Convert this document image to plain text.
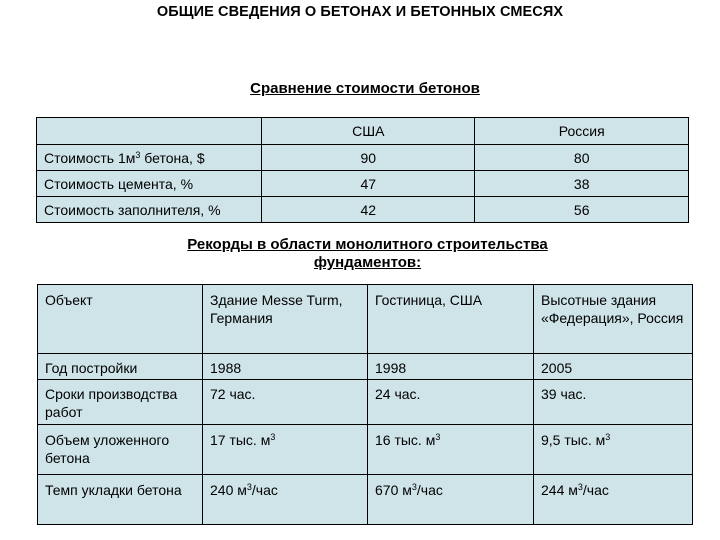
ОБЩИЕ СВЕДЕНИЯ О БЕТОНАХ И БЕТОННЫХ СМЕСЯХ
Сравнение стоимости бетонов
	США	Россия
Стоимость $1м^3$ бетона, $	90	80
Стоимость цемента, %	47	38
Стоимость заполнителя, %	42	56
Рекорды в области монолитного строительства
фундаментов:
Объект	Здание Messe Turm, Германия	Гостиница, США	Высотные здания «Федерация», Россия
Год постройки	1988	1998	2005
Сроки производства работ	72 час.	24 час.	39 час.
Объем уложенного бетона	17 тыс. $м^3$	16 тыс. $м^3$	9,5 тыс. $м^3$
Темп укладки бетона	240 $м^3$/час	670 $м^3$/час	244 $м^3$/час
